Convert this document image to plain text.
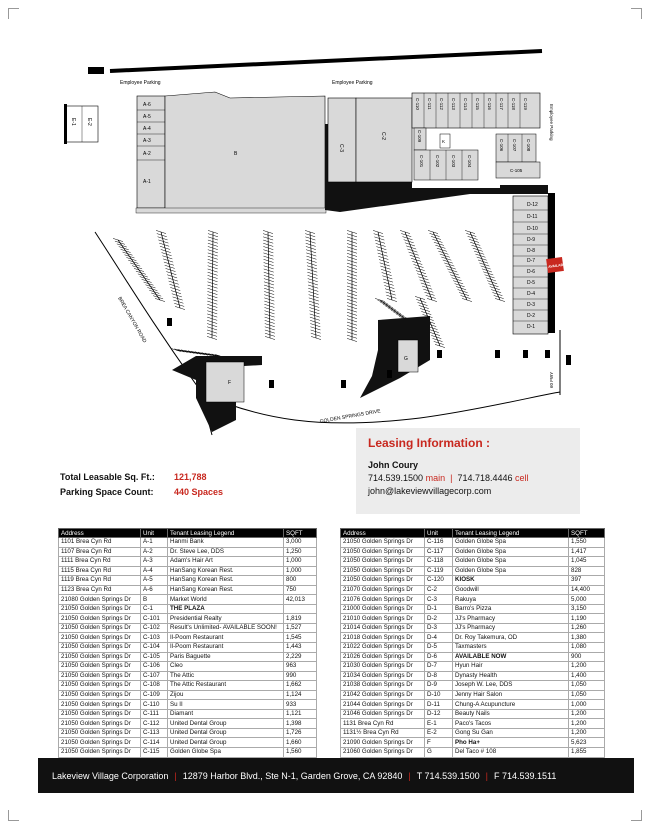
Employee Parking	Employee Parking
A-6
A-5
A-4
A-3
A-2
A-1
B
C-3
C-2
C-110 C-111 C-112 C-113 C-114 C-115 C-116 C-117 C-118 C-119
Employee Parking
C-109	K
C-101 C-102 C-103 C-104
C-106 C-107 C-108
C-105
E-1 E-2
D-12
D-11
D-10
D-9
D-8
D-7
D-6
D-5
D-4
D-3
D-2
D-1
AVAILABLE NOW
BREA CANYON ROAD
GOLDEN SPRINGS DRIVE
60 FWY
F
G
Leasing Information :
John Coury
714.539.1500 main  |  714.718.4446 cell
john@lakeviewvillagecorp.com
Total Leasable Sq. Ft.: 121,788
Parking Space Count: 440 Spaces
Address	Unit	Tenant Leasing Legend	SQFT
1101 Brea Cyn Rd	A-1	Hanmi Bank	3,000
1107 Brea Cyn Rd	A-2	Dr. Steve Lee, DDS	1,250
1111 Brea Cyn Rd	A-3	Adam's Hair Art	1,000
1115 Brea Cyn Rd	A-4	HanSang Korean Rest.	1,000
1119 Brea Cyn Rd	A-5	HanSang Korean Rest.	800
1123 Brea Cyn Rd	A-6	HanSang Korean Rest.	750
21080 Golden Springs Dr	B	Market World	42,013
21050 Golden Springs Dr	C-1	THE PLAZA	
21050 Golden Springs Dr	C-101	Presidential Realty	1,819
21050 Golden Springs Dr	C-102	Result's Unlimited- AVAILABLE SOON!	1,527
21050 Golden Springs Dr	C-103	Il-Poom Restaurant	1,545
21050 Golden Springs Dr	C-104	Il-Poom Restaurant	1,443
21050 Golden Springs Dr	C-105	Paris Baguette	2,229
21050 Golden Springs Dr	C-106	Cleo	963
21050 Golden Springs Dr	C-107	The Attic	990
21050 Golden Springs Dr	C-108	The Attic Restaurant	1,662
21050 Golden Springs Dr	C-109	Zijou	1,124
21050 Golden Springs Dr	C-110	Su II	933
21050 Golden Springs Dr	C-111	Diamant	1,121
21050 Golden Springs Dr	C-112	United Dental Group	1,398
21050 Golden Springs Dr	C-113	United Dental Group	1,726
21050 Golden Springs Dr	C-114	United Dental Group	1,660
21050 Golden Springs Dr	C-115	Golden Globe Spa	1,560
Address	Unit	Tenant Leasing Legend	SQFT
21050 Golden Springs Dr	C-116	Golden Globe Spa	1,550
21050 Golden Springs Dr	C-117	Golden Globe Spa	1,417
21050 Golden Springs Dr	C-118	Golden Globe Spa	1,045
21050 Golden Springs Dr	C-119	Golden Globe Spa	828
21050 Golden Springs Dr	C-120	KIOSK	397
21070 Golden Springs Dr	C-2	Goodwill	14,400
21076 Golden Springs Dr	C-3	Rakuya	5,000
21000 Golden Springs Dr	D-1	Barro's Pizza	3,150
21010 Golden Springs Dr	D-2	JJ's Pharmacy	1,190
21014 Golden Springs Dr	D-3	JJ's Pharmacy	1,260
21018 Golden Springs Dr	D-4	Dr. Roy Takemura, OD	1,380
21022 Golden Springs Dr	D-5	Taxmasters	1,080
21026 Golden Springs Dr	D-6	AVAILABLE NOW	900
21030 Golden Springs Dr	D-7	Hyun Hair	1,200
21034 Golden Springs Dr	D-8	Dynasty Health	1,400
21038 Golden Springs Dr	D-9	Joseph W. Lee, DDS	1,050
21042 Golden Springs Dr	D-10	Jenny Hair Salon	1,050
21044 Golden Springs Dr	D-11	Chung-A Acupuncture	1,000
21046 Golden Springs Dr	D-12	Beauty Nails	1,200
1131 Brea Cyn Rd	E-1	Paco's Tacos	1,200
1131½ Brea Cyn Rd	E-2	Gong Su Gan	1,200
21090 Golden Springs Dr	F	Pho Ha+	5,623
21060 Golden Springs Dr	G	Del Taco # 108	1,855
Lakeview Village Corporation | 12879 Harbor Blvd., Ste N-1, Garden Grove, CA 92840 | T 714.539.1500 | F 714.539.1511
